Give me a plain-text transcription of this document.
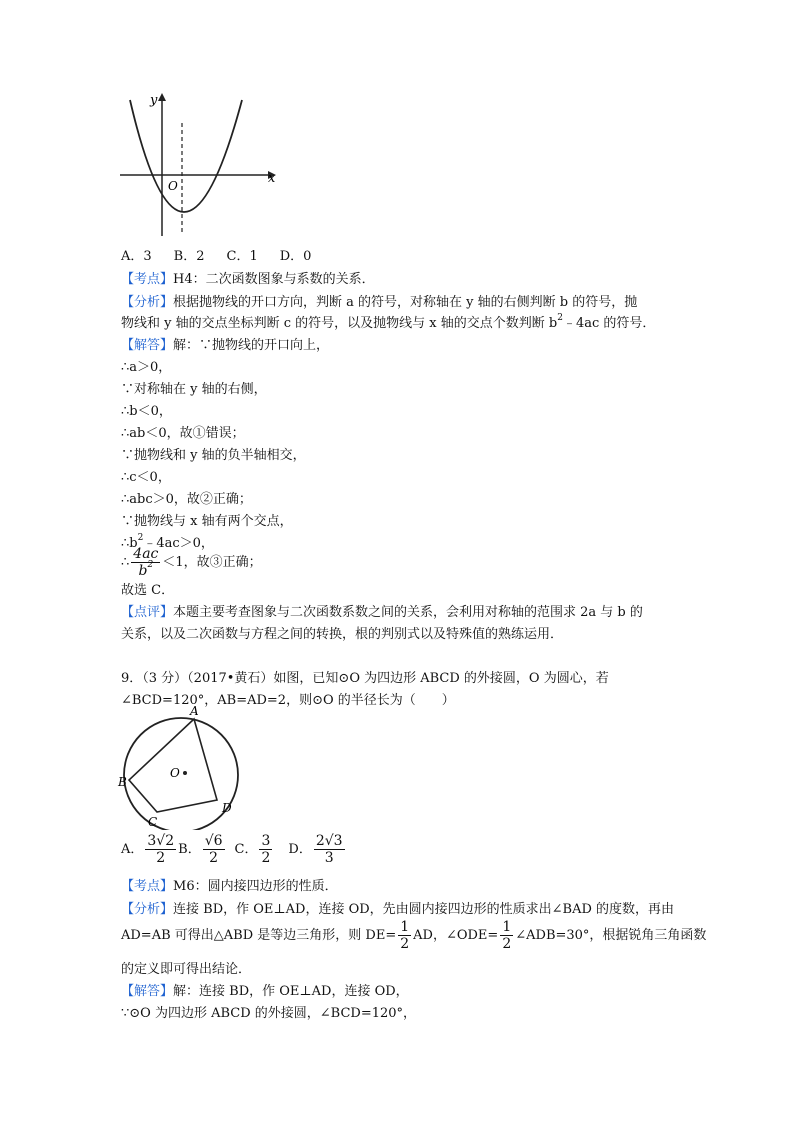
y
x
O
A．3 B．2 C．1 D．0
【考点】H4：二次函数图象与系数的关系．
【分析】根据抛物线的开口方向，判断 a 的符号，对称轴在 y 轴的右侧判断 b 的符号，抛
物线和 y 轴的交点坐标判断 c 的符号，以及抛物线与 x 轴的交点个数判断 $b^2﹣4ac$ 的符号．
【解答】解：∵抛物线的开口向上，
∴a＞0，
∵对称轴在 y 轴的右侧，
∴b＜0，
∴ab＜0，故①错误；
∵抛物线和 y 轴的负半轴相交，
∴c＜0，
∴abc＞0，故②正确；
∵抛物线与 x 轴有两个交点，
$\therefore b^2﹣4ac>0$，
∴ $\frac{4ac}{b^2} <1$，故③正确；
故选 C．
【点评】本题主要考查图象与二次函数系数之间的关系，会利用对称轴的范围求 2a 与 b 的
关系，以及二次函数与方程之间的转换，根的判别式以及特殊值的熟练运用．
9．（3 分）（2017•黄石）如图，已知⊙O 为四边形 ABCD 的外接圆，O 为圆心，若
∠BCD=120°，AB=AD=2，则⊙O 的半径长为（　　）
A
B
C
D
O
A． $\frac{3√2}{2}$ B． $\frac{√6}{2}$ C． $\frac{3}{2}$ D． $\frac{2√3}{3}$
【考点】M6：圆内接四边形的性质．
【分析】连接 BD，作 OE⊥AD，连接 OD，先由圆内接四边形的性质求出∠BAD 的度数，再由
AD=AB 可得出△ABD 是等边三角形，则 $DE= \frac{1}{2}$ AD，∠ODE= $\frac{1}{2}$ ∠ADB=30°，根据锐角三角函数
的定义即可得出结论．
【解答】解：连接 BD，作 OE⊥AD，连接 OD，
∵⊙O 为四边形 ABCD 的外接圆，∠BCD=120°，
